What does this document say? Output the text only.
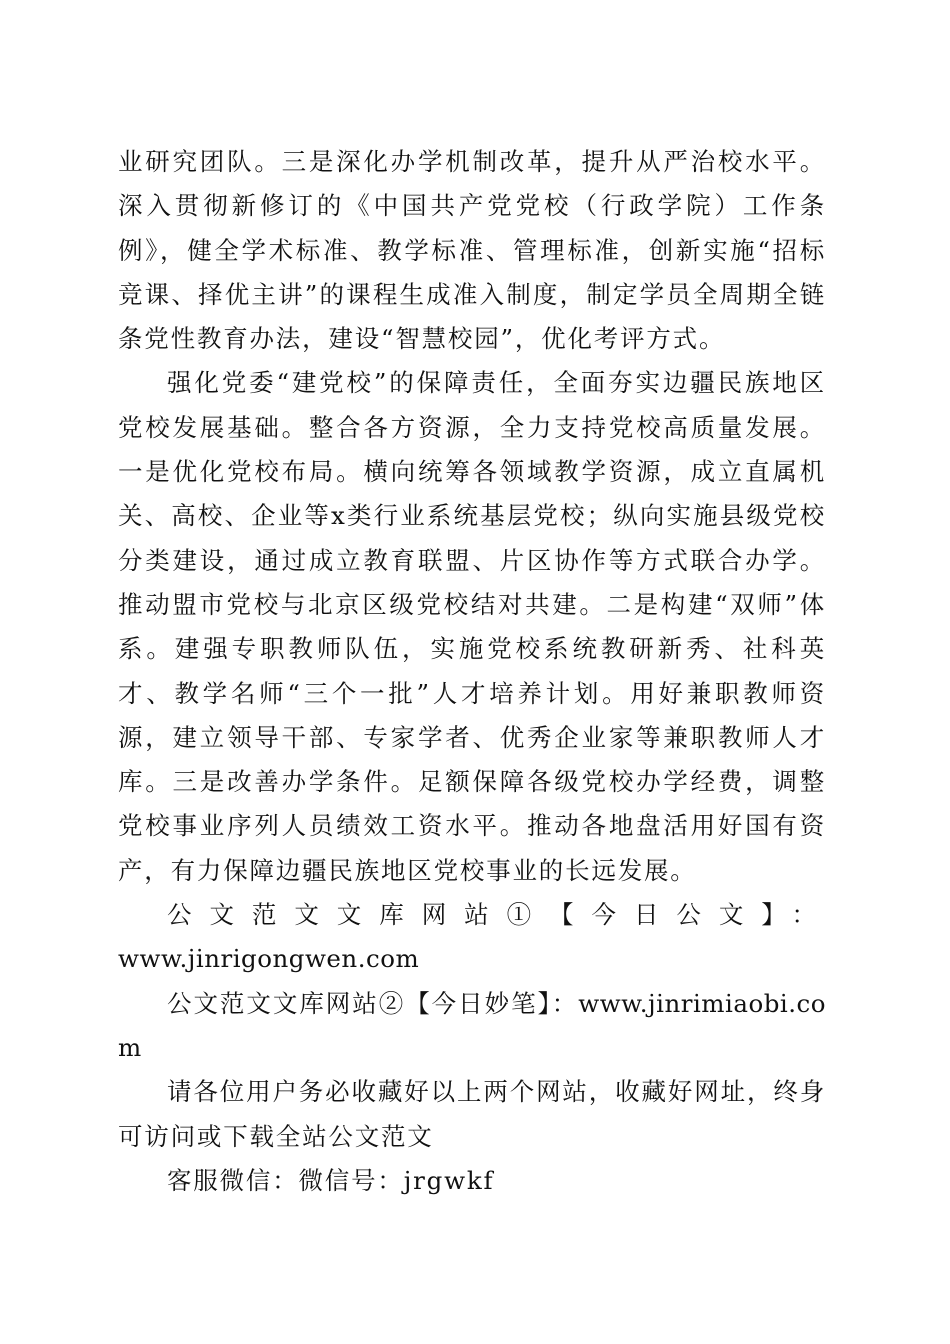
业研究团队。三是深化办学机制改革，提升从严治校水平。深入贯彻新修订的《中国共产党党校（行政学院）工作条例》，健全学术标准、教学标准、管理标准，创新实施“招标竞课、择优主讲”的课程生成准入制度，制定学员全周期全链条党性教育办法，建设“智慧校园”，优化考评方式。

强化党委“建党校”的保障责任，全面夯实边疆民族地区党校发展基础。整合各方资源，全力支持党校高质量发展。一是优化党校布局。横向统筹各领域教学资源，成立直属机关、高校、企业等x类行业系统基层党校；纵向实施县级党校分类建设，通过成立教育联盟、片区协作等方式联合办学。推动盟市党校与北京区级党校结对共建。二是构建“双师”体系。建强专职教师队伍，实施党校系统教研新秀、社科英才、教学名师“三个一批”人才培养计划。用好兼职教师资源，建立领导干部、专家学者、优秀企业家等兼职教师人才库。三是改善办学条件。足额保障各级党校办学经费，调整党校事业序列人员绩效工资水平。推动各地盘活用好国有资产，有力保障边疆民族地区党校事业的长远发展。

公文范文文库网站①【今日公文】：

www.jinrigongwen.com

公文范文文库网站②【今日妙笔】：www.jinrimiaobi.com

请各位用户务必收藏好以上两个网站，收藏好网址，终身可访问或下载全站公文范文

客服微信：微信号：jrgwkf
